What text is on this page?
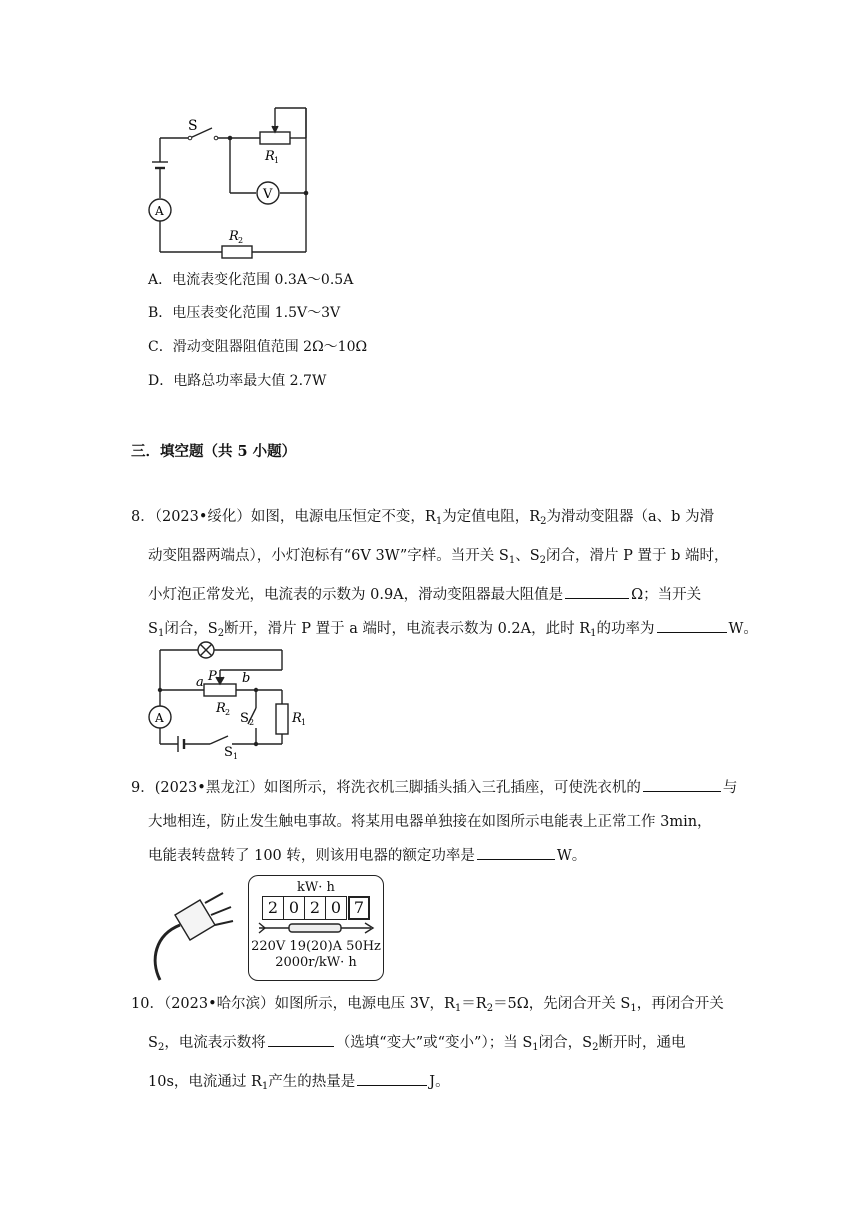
S
R 1
V
A
R 2
A．电流表变化范围 0.3A～0.5A
B．电压表变化范围 1.5V～3V
C．滑动变阻器阻值范围 2Ω～10Ω
D．电路总功率最大值 2.7W
三．填空题（共 5 小题）
8．（2023•绥化）如图，电源电压恒定不变，$R_1$为定值电阻，$R_2$为滑动变阻器（a、b 为滑
动变阻器两端点），小灯泡标有“6V 3W”字样。当开关 $S_1$、$S_2$闭合，滑片 P 置于 b 端时，
小灯泡正常发光，电流表的示数为 0.9A，滑动变阻器最大阻值是	Ω；当开关
$S_1$闭合，$S_2$断开，滑片 P 置于 a 端时，电流表示数为 0.2A，此时 $R_1$的功率为	W。
a P b
R 2 S 2	R 1
A
S 1
9．(2023•黑龙江）如图所示，将洗衣机三脚插头插入三孔插座，可使洗衣机的	与
大地相连，防止发生触电事故。将某用电器单独接在如图所示电能表上正常工作 3min，
电能表转盘转了 100 转，则该用电器的额定功率是	W。
kW· h
2 0 2 0 7
220V 19(20)A 50Hz
2000r/kW· h
10．（2023•哈尔滨）如图所示，电源电压 3V，$R_1=R_2=5\Omega$，先闭合开关 $S_1$，再闭合开关
$S_2$，电流表示数将	（选填“变大”或“变小”）；当 $S_1$闭合，$S_2$断开时，通电
10s，电流通过 $R_1$产生的热量是	J。
